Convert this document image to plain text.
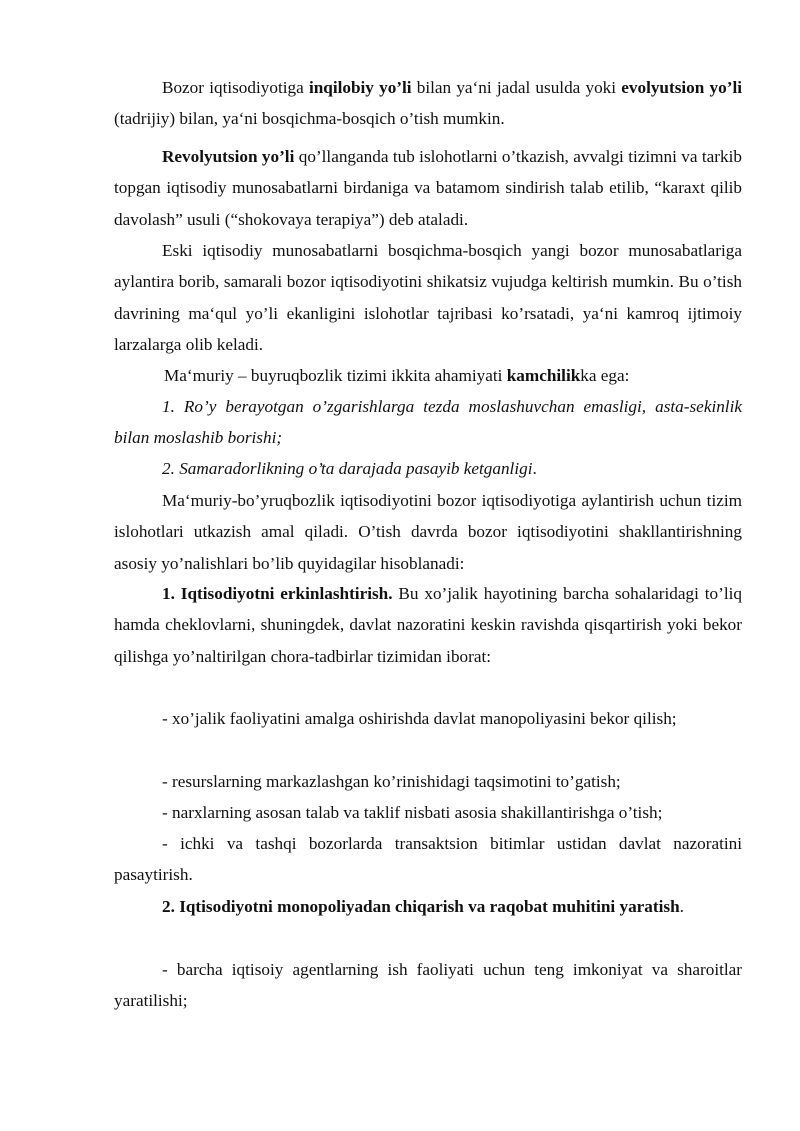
Bozor iqtisodiyotiga inqilobiy yo’li bilan ya‘ni jadal usulda yoki evolyutsion yo’li (tadrijiy) bilan, ya‘ni bosqichma-bosqich o’tish mumkin.

Revolyutsion yo’li qo’llanganda tub islohotlarni o’tkazish, avvalgi tizimni va tarkib topgan iqtisodiy munosabatlarni birdaniga va batamom sindirish talab etilib, “karaxt qilib davolash” usuli (“shokovaya terapiya”) deb ataladi.

Eski iqtisodiy munosabatlarni bosqichma-bosqich yangi bozor munosabatlariga aylantira borib, samarali bozor iqtisodiyotini shikatsiz vujudga keltirish mumkin. Bu o’tish davrining ma‘qul yo’li ekanligini islohotlar tajribasi ko’rsatadi, ya‘ni kamroq ijtimoiy larzalarga olib keladi.

Ma‘muriy – buyruqbozlik tizimi ikkita ahamiyati kamchilikka ega:

1. Ro’y berayotgan o’zgarishlarga tezda moslashuvchan emasligi, asta-sekinlik bilan moslashib borishi;

2. Samaradorlikning o’ta darajada pasayib ketganligi.

Ma‘muriy-bo’yruqbozlik iqtisodiyotini bozor iqtisodiyotiga aylantirish uchun tizim islohotlari utkazish amal qiladi. O’tish davrda bozor iqtisodiyotini shakllantirishning asosiy yo’nalishlari bo’lib quyidagilar hisoblanadi:

1. Iqtisodiyotni erkinlashtirish. Bu xo’jalik hayotining barcha sohalaridagi to’liq hamda cheklovlarni, shuningdek, davlat nazoratini keskin ravishda qisqartirish yoki bekor qilishga yo’naltirilgan chora-tadbirlar tizimidan iborat:

- xo’jalik faoliyatini amalga oshirishda davlat manopoliyasini bekor qilish;

- resurslarning markazlashgan ko’rinishidagi taqsimotini to’gatish;

- narxlarning asosan talab va taklif nisbati asosia shakillantirishga o’tish;

- ichki va tashqi bozorlarda transaktsion bitimlar ustidan davlat nazoratini pasaytirish.

2. Iqtisodiyotni monopoliyadan chiqarish va raqobat muhitini yaratish.

- barcha iqtisoiy agentlarning ish faoliyati uchun teng imkoniyat va sharoitlar yaratilishi;
